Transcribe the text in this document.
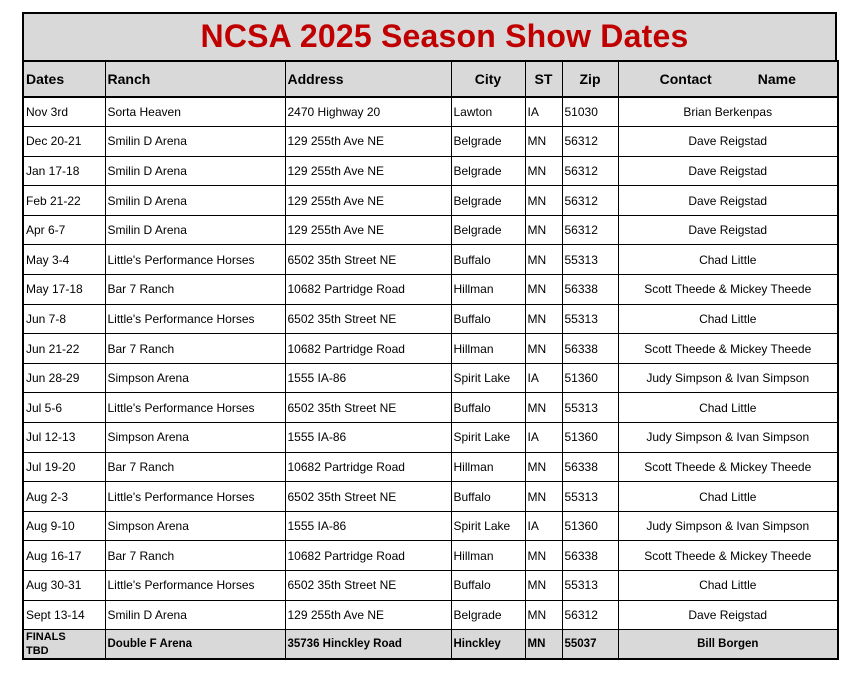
NCSA 2025 Season Show Dates
Dates	Ranch	Address	City	ST	Zip	Contact Name
Nov 3rd	Sorta Heaven	2470 Highway 20	Lawton	IA	51030	Brian Berkenpas
Dec 20-21	Smilin D Arena	129 255th Ave NE	Belgrade	MN	56312	Dave Reigstad
Jan 17-18	Smilin D Arena	129 255th Ave NE	Belgrade	MN	56312	Dave Reigstad
Feb 21-22	Smilin D Arena	129 255th Ave NE	Belgrade	MN	56312	Dave Reigstad
Apr 6-7	Smilin D Arena	129 255th Ave NE	Belgrade	MN	56312	Dave Reigstad
May 3-4	Little's Performance Horses	6502 35th Street NE	Buffalo	MN	55313	Chad Little
May 17-18	Bar 7 Ranch	10682 Partridge Road	Hillman	MN	56338	Scott Theede & Mickey Theede
Jun 7-8	Little's Performance Horses	6502 35th Street NE	Buffalo	MN	55313	Chad Little
Jun 21-22	Bar 7 Ranch	10682 Partridge Road	Hillman	MN	56338	Scott Theede & Mickey Theede
Jun 28-29	Simpson Arena	1555 IA-86	Spirit Lake	IA	51360	Judy Simpson & Ivan Simpson
Jul 5-6	Little's Performance Horses	6502 35th Street NE	Buffalo	MN	55313	Chad Little
Jul 12-13	Simpson Arena	1555 IA-86	Spirit Lake	IA	51360	Judy Simpson & Ivan Simpson
Jul 19-20	Bar 7 Ranch	10682 Partridge Road	Hillman	MN	56338	Scott Theede & Mickey Theede
Aug 2-3	Little's Performance Horses	6502 35th Street NE	Buffalo	MN	55313	Chad Little
Aug 9-10	Simpson Arena	1555 IA-86	Spirit Lake	IA	51360	Judy Simpson & Ivan Simpson
Aug 16-17	Bar 7 Ranch	10682 Partridge Road	Hillman	MN	56338	Scott Theede & Mickey Theede
Aug 30-31	Little's Performance Horses	6502 35th Street NE	Buffalo	MN	55313	Chad Little
Sept 13-14	Smilin D Arena	129 255th Ave NE	Belgrade	MN	56312	Dave Reigstad

FINALS
TBD	Double F Arena	35736 Hinckley Road	Hinckley	MN	55037	Bill Borgen
